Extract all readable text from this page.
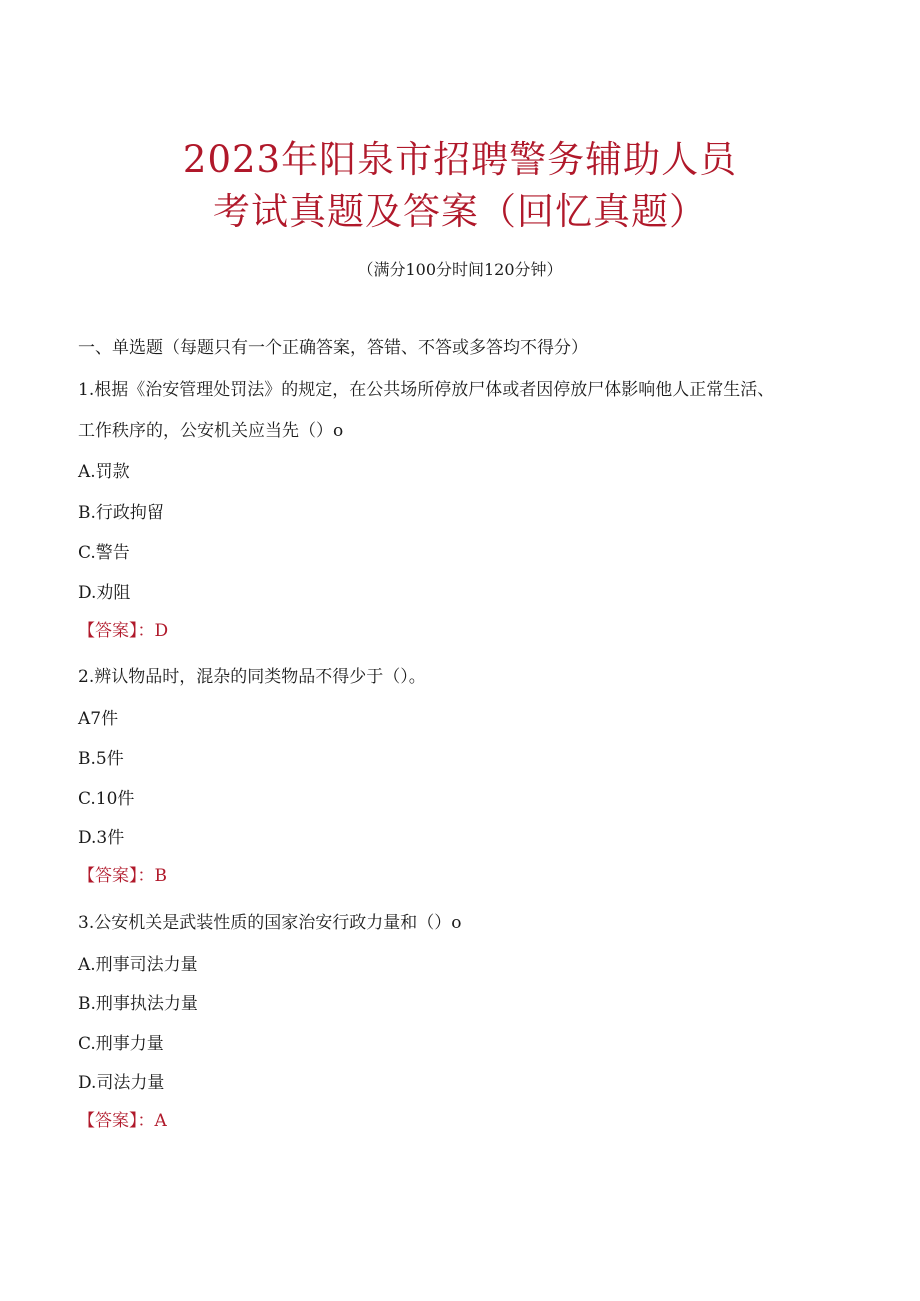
2023年阳泉市招聘警务辅助人员
考试真题及答案（回忆真题）
（满分100分时间120分钟）
一、单选题（每题只有一个正确答案，答错、不答或多答均不得分）
1.根据《治安管理处罚法》的规定，在公共场所停放尸体或者因停放尸体影响他人正常生活、
工作秩序的，公安机关应当先（）o
A.罚款
B.行政拘留
C.警告
D.劝阻
【答案】：D
2.辨认物品时，混杂的同类物品不得少于（）。
A7件
B.5件
C.10件
D.3件
【答案】：B
3.公安机关是武装性质的国家治安行政力量和（）o
A.刑事司法力量
B.刑事执法力量
C.刑事力量
D.司法力量
【答案】：A
